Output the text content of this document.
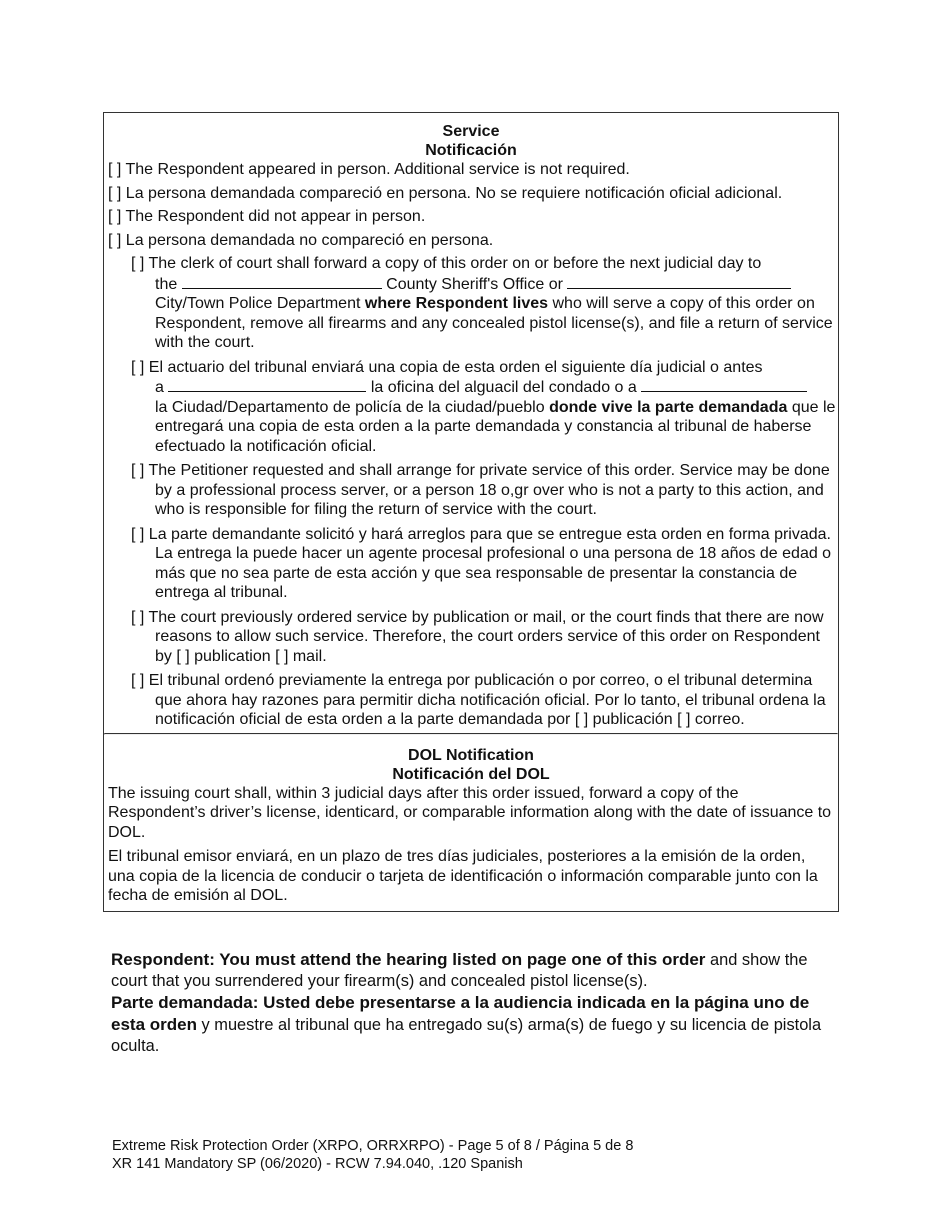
Service
Notificación

[ ] The Respondent appeared in person. Additional service is not required.

[ ] La persona demandada compareció en persona. No se requiere notificación oficial adicional.

[ ] The Respondent did not appear in person.

[ ] La persona demandada no compareció en persona.

[ ] The clerk of court shall forward a copy of this order on or before the next judicial day to
the	County Sheriff's Office or
City/Town Police Department where Respondent lives who will serve a copy of this order on Respondent, remove all firearms and any concealed pistol license(s), and file a return of service with the court.

[ ] El actuario del tribunal enviará una copia de esta orden el siguiente día judicial o antes
a	la oficina del alguacil del condado o a
la Ciudad/Departamento de policía de la ciudad/pueblo donde vive la parte demandada que le entregará una copia de esta orden a la parte demandada y constancia al tribunal de haberse efectuado la notificación oficial.

[ ] The Petitioner requested and shall arrange for private service of this order. Service may be done by a professional process server, or a person 18 o,gr over who is not a party to this action, and who is responsible for filing the return of service with the court.

[ ] La parte demandante solicitó y hará arreglos para que se entregue esta orden en forma privada. La entrega la puede hacer un agente procesal profesional o una persona de 18 años de edad o más que no sea parte de esta acción y que sea responsable de presentar la constancia de entrega al tribunal.

[ ] The court previously ordered service by publication or mail, or the court finds that there are now reasons to allow such service. Therefore, the court orders service of this order on Respondent by [ ] publication [ ] mail.

[ ] El tribunal ordenó previamente la entrega por publicación o por correo, o el tribunal determina que ahora hay razones para permitir dicha notificación oficial. Por lo tanto, el tribunal ordena la notificación oficial de esta orden a la parte demandada por [ ] publicación [ ] correo.

DOL Notification
Notificación del DOL

The issuing court shall, within 3 judicial days after this order issued, forward a copy of the Respondent’s driver’s license, identicard, or comparable information along with the date of issuance to DOL.

El tribunal emisor enviará, en un plazo de tres días judiciales, posteriores a la emisión de la orden, una copia de la licencia de conducir o tarjeta de identificación o información comparable junto con la fecha de emisión al DOL.

Respondent: You must attend the hearing listed on page one of this order and show the court that you surrendered your firearm(s) and concealed pistol license(s).

Parte demandada: Usted debe presentarse a la audiencia indicada en la página uno de esta orden y muestre al tribunal que ha entregado su(s) arma(s) de fuego y su licencia de pistola oculta.

Extreme Risk Protection Order (XRPO, ORRXRPO) - Page 5 of 8 / Página 5 de 8
XR 141 Mandatory SP (06/2020) - RCW 7.94.040, .120 Spanish
